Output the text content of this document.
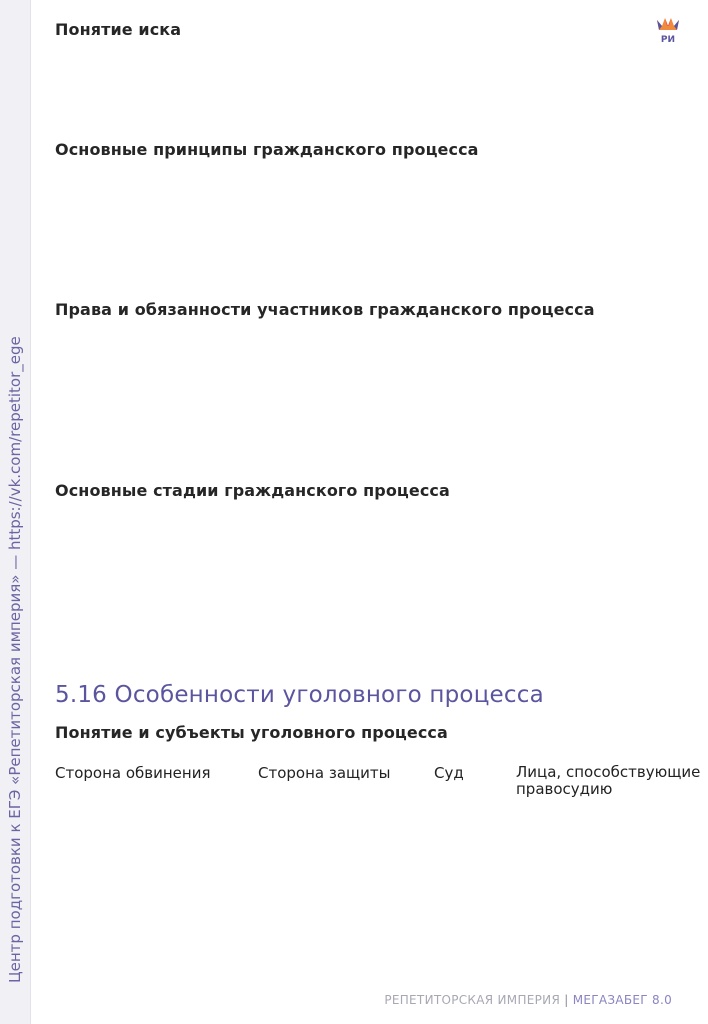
Центр подготовки к ЕГЭ «Репетиторская империя» — https://vk.com/repetitor_ege
РИ
Понятие иска
Основные принципы гражданского процесса
Права и обязанности участников гражданского процесса
Основные стадии гражданского процесса
5.16 Особенности уголовного процесса
Понятие и субъекты уголовного процесса
Сторона обвинения	Сторона защиты	Суд	Лица, способствующие правосудию
РЕПЕТИТОРСКАЯ ИМПЕРИЯ | МЕГАЗАБЕГ 8.0
